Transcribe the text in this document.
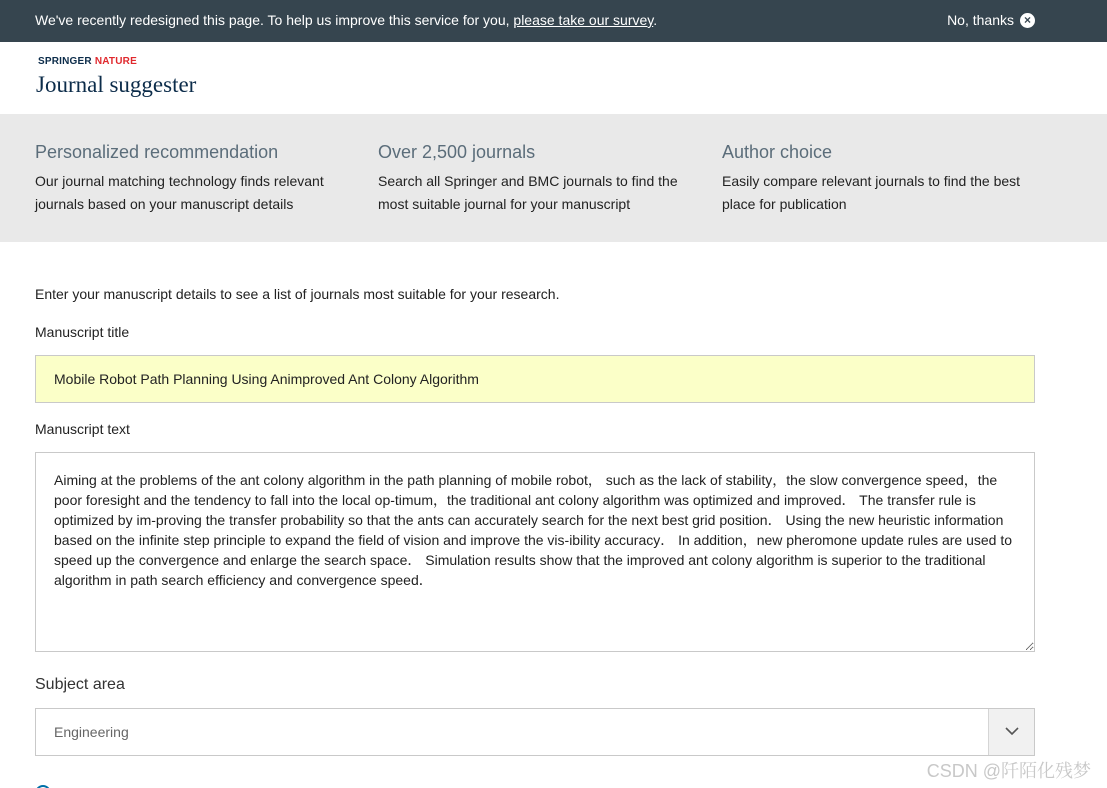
We've recently redesigned this page. To help us improve this service for you, please take our survey.	No, thanks ×
SPRINGER NATURE
Journal suggester
Personalized recommendation
Our journal matching technology finds relevant journals based on your manuscript details
Over 2,500 journals
Search all Springer and BMC journals to find the most suitable journal for your manuscript
Author choice
Easily compare relevant journals to find the best place for publication
Enter your manuscript details to see a list of journals most suitable for your research.
Manuscript title
Mobile Robot Path Planning Using Animproved Ant Colony Algorithm
Manuscript text
Aiming at the problems of the ant colony algorithm in the path planning of mobile robot， such as the lack of stability，the slow convergence speed，the poor foresight and the tendency to fall into the local op-timum，the traditional ant colony algorithm was optimized and improved． The transfer rule is optimized by im-proving the transfer probability so that the ants can accurately search for the next best grid position． Using the new heuristic information based on the infinite step principle to expand the field of vision and improve the vis-ibility accuracy． In addition，new pheromone update rules are used to speed up the convergence and enlarge the search space． Simulation results show that the improved ant colony algorithm is superior to the traditional algorithm in path search efficiency and convergence speed．
Subject area
Engineering
CSDN @阡陌化残梦
